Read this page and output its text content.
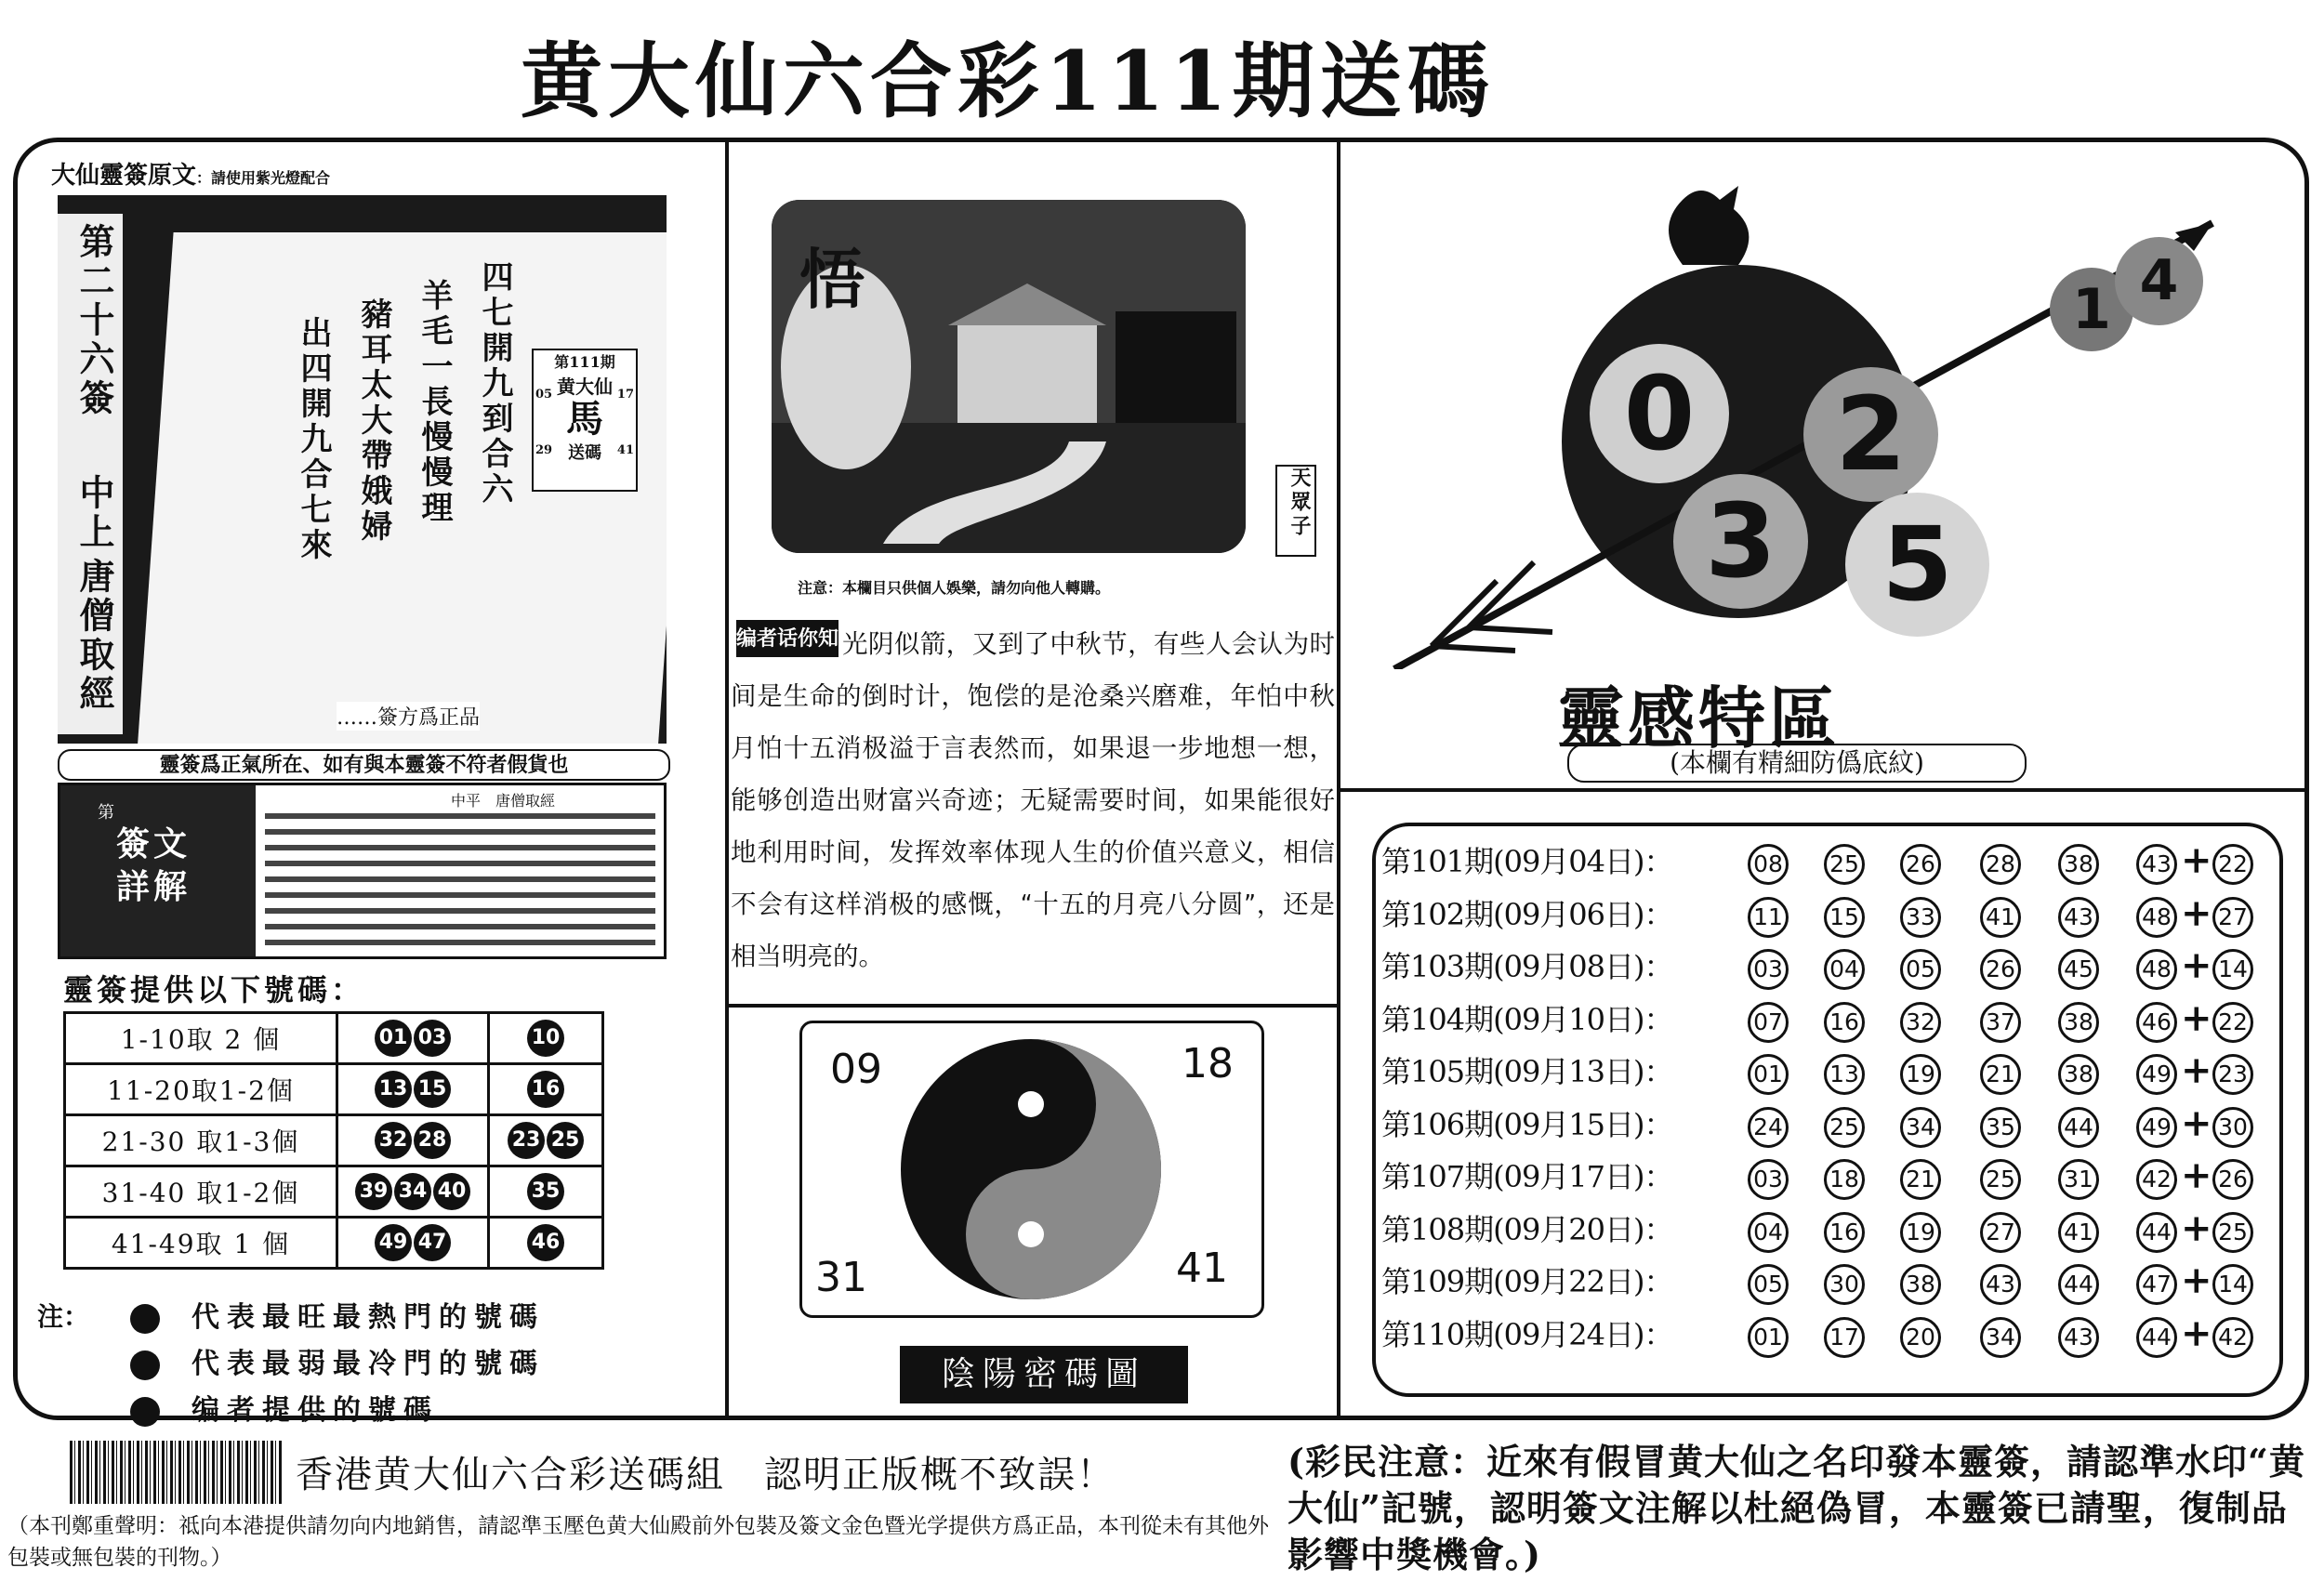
黄大仙六合彩111期送碼
大仙靈簽原文：請使用紫光燈配合
第二十六簽
中上
唐僧取經
四七開九到合六
羊毛一長慢慢理
豬耳太大帶娥婦
出四開九合七來	第111期
黄大仙
馬
送碼
05	17
29	41
……簽方爲正品
靈簽爲正氣所在、如有與本靈簽不符者假貨也
第
簽文詳解
中平　唐僧取經
靈簽提供以下號碼：
1-10取 2 個	01 03	10
11-20取1-2個	13 15	16
21-30 取1-3個	32 28	23 25
31-40 取1-2個	39 34 40	35
41-49取 1 個	49 47	46
注：	代表最旺最熱門的號碼
代表最弱最冷門的號碼
编者提供的號碼
悟
天眾子
注意：本欄目只供個人娛樂，請勿向他人轉購。
光阴似箭，又到了中秋节，有些人会认为时间是生命的倒时计，饱偿的是沧桑兴磨难，年怕中秋月怕十五消极溢于言表然而，如果退一步地想一想，能够创造出财富兴奇迹；无疑需要时间，如果能很好地利用时间，发挥效率体现人生的价值兴意义，相信不会有这样消极的感慨，“十五的月亮八分圆”，还是相当明亮的。
编者话你知
09	18
31	41
陰陽密碼圖
0	2
3	5
1 4
靈感特區
(本欄有精細防僞底紋)
第101期(09月04日)：	08 25 26 28 38 43 + 22
第102期(09月06日)：	11 15 33 41 43 48 + 27
第103期(09月08日)：	03 04 05 26 45 48 + 14
第104期(09月10日)：	07 16 32 37 38 46 + 22
第105期(09月13日)：	01 13 19 21 38 49 + 23
第106期(09月15日)：	24 25 34 35 44 49 + 30
第107期(09月17日)：	03 18 21 25 31 42 + 26
第108期(09月20日)：	04 16 19 27 41 44 + 25
第109期(09月22日)：	05 30 38 43 44 47 + 14
第110期(09月24日)：	01 17 20 34 43 44 + 42
香港黄大仙六合彩送碼組　認明正版概不致誤！
（本刊鄭重聲明：祗向本港提供請勿向内地銷售，請認準玉壓色黄大仙殿前外包裝及簽文金色暨光学提供方爲正品，本刊從未有其他外包裝或無包裝的刊物。）
(彩民注意：近來有假冒黄大仙之名印發本靈簽，請認準水印“黄大仙”記號，認明簽文注解以杜絕偽冒，本靈簽已請聖，復制品影響中獎機會。)
